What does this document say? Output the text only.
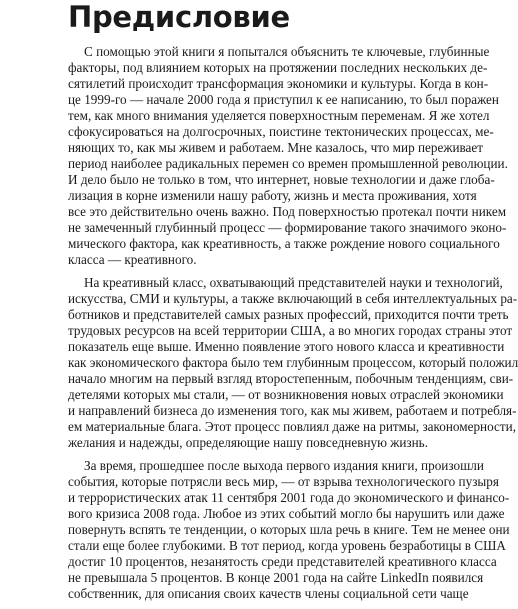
Предисловие
С помощью этой книги я попытался объяснить те ключевые, глубинные
факторы, под влиянием которых на протяжении последних нескольких де-
сятилетий происходит трансформация экономики и культуры. Когда в кон-
це 1999-го — начале 2000 года я приступил к ее написанию, то был поражен
тем, как много внимания уделяется поверхностным переменам. Я же хотел
сфокусироваться на долгосрочных, поистине тектонических процессах, ме-
няющих то, как мы живем и работаем. Мне казалось, что мир переживает
период наиболее радикальных перемен со времен промышленной революции.
И дело было не только в том, что интернет, новые технологии и даже глоба-
лизация в корне изменили нашу работу, жизнь и места проживания, хотя
все это действительно очень важно. Под поверхностью протекал почти никем
не замеченный глубинный процесс — формирование такого значимого эконо-
мического фактора, как креативность, а также рождение нового социального
класса — креативного.
На креативный класс, охватывающий представителей науки и технологий,
искусства, СМИ и культуры, а также включающий в себя интеллектуальных ра-
ботников и представителей самых разных профессий, приходится почти треть
трудовых ресурсов на всей территории США, а во многих городах страны этот
показатель еще выше. Именно появление этого нового класса и креативности
как экономического фактора было тем глубинным процессом, который положил
начало многим на первый взгляд второстепенным, побочным тенденциям, сви-
детелями которых мы стали, — от возникновения новых отраслей экономики
и направлений бизнеса до изменения того, как мы живем, работаем и потребля-
ем материальные блага. Этот процесс повлиял даже на ритмы, закономерности,
желания и надежды, определяющие нашу повседневную жизнь.
За время, прошедшее после выхода первого издания книги, произошли
события, которые потрясли весь мир, — от взрыва технологического пузыря
и террористических атак 11 сентября 2001 года до экономического и финансо-
вого кризиса 2008 года. Любое из этих событий могло бы нарушить или даже
повернуть вспять те тенденции, о которых шла речь в книге. Тем не менее они
стали еще более глубокими. В тот период, когда уровень безработицы в США
достиг 10 процентов, незанятость среди представителей креативного класса
не превышала 5 процентов. В конце 2001 года на сайте LinkedIn появился
собственник, для описания своих качеств члены социальной сети чаще
